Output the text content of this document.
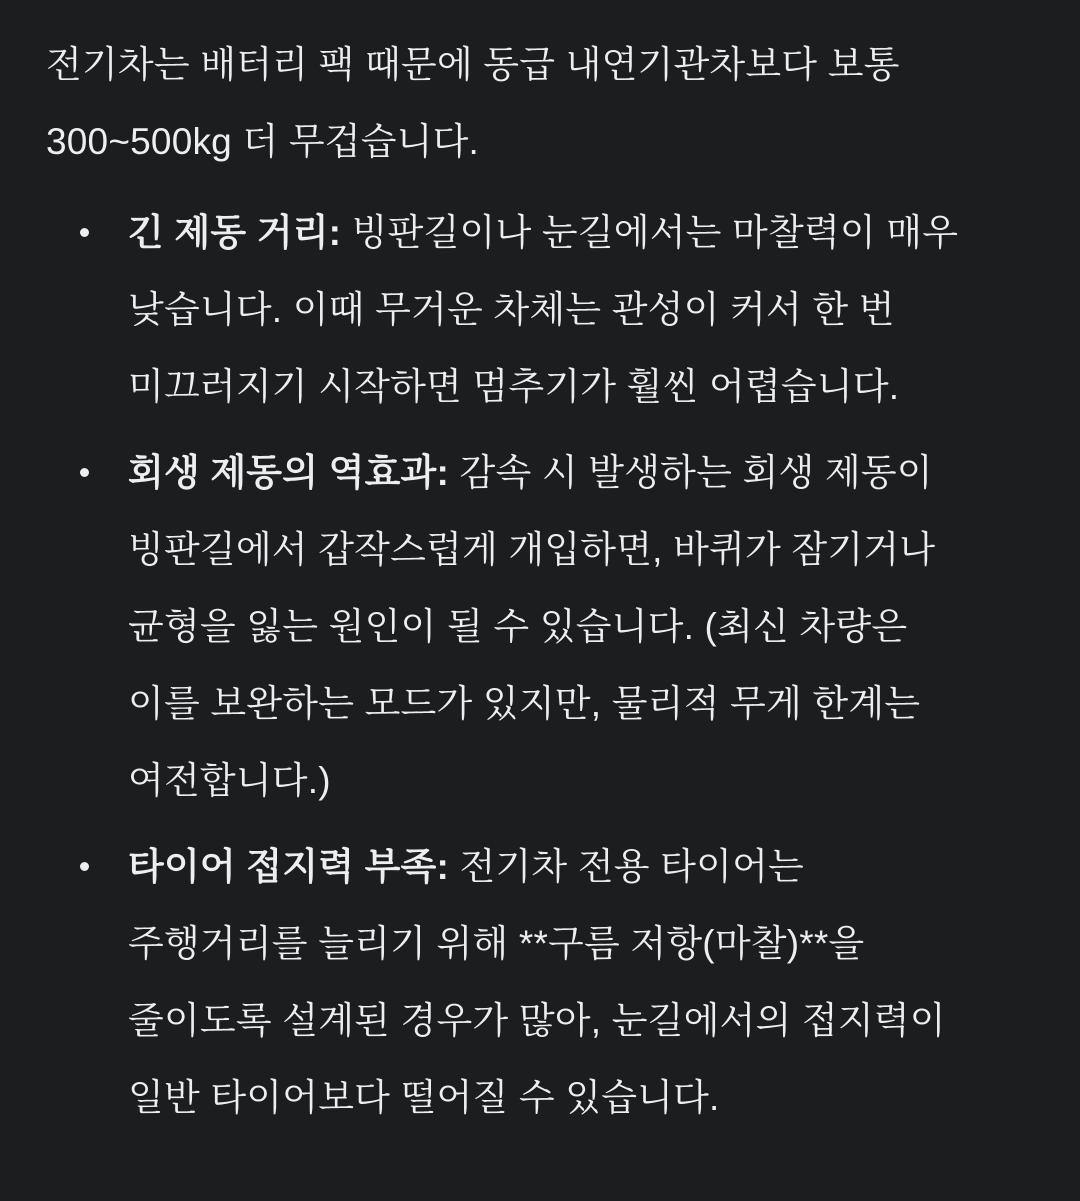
전기차는 배터리 팩 때문에 동급 내연기관차보다 보통
300~500kg 더 무겁습니다.

긴 제동 거리: 빙판길이나 눈길에서는 마찰력이 매우
낮습니다. 이때 무거운 차체는 관성이 커서 한 번
미끄러지기 시작하면 멈추기가 훨씬 어렵습니다.
회생 제동의 역효과: 감속 시 발생하는 회생 제동이
빙판길에서 갑작스럽게 개입하면, 바퀴가 잠기거나
균형을 잃는 원인이 될 수 있습니다. (최신 차량은
이를 보완하는 모드가 있지만, 물리적 무게 한계는
여전합니다.)
타이어 접지력 부족: 전기차 전용 타이어는
주행거리를 늘리기 위해 **구름 저항(마찰)**을
줄이도록 설계된 경우가 많아, 눈길에서의 접지력이
일반 타이어보다 떨어질 수 있습니다.
